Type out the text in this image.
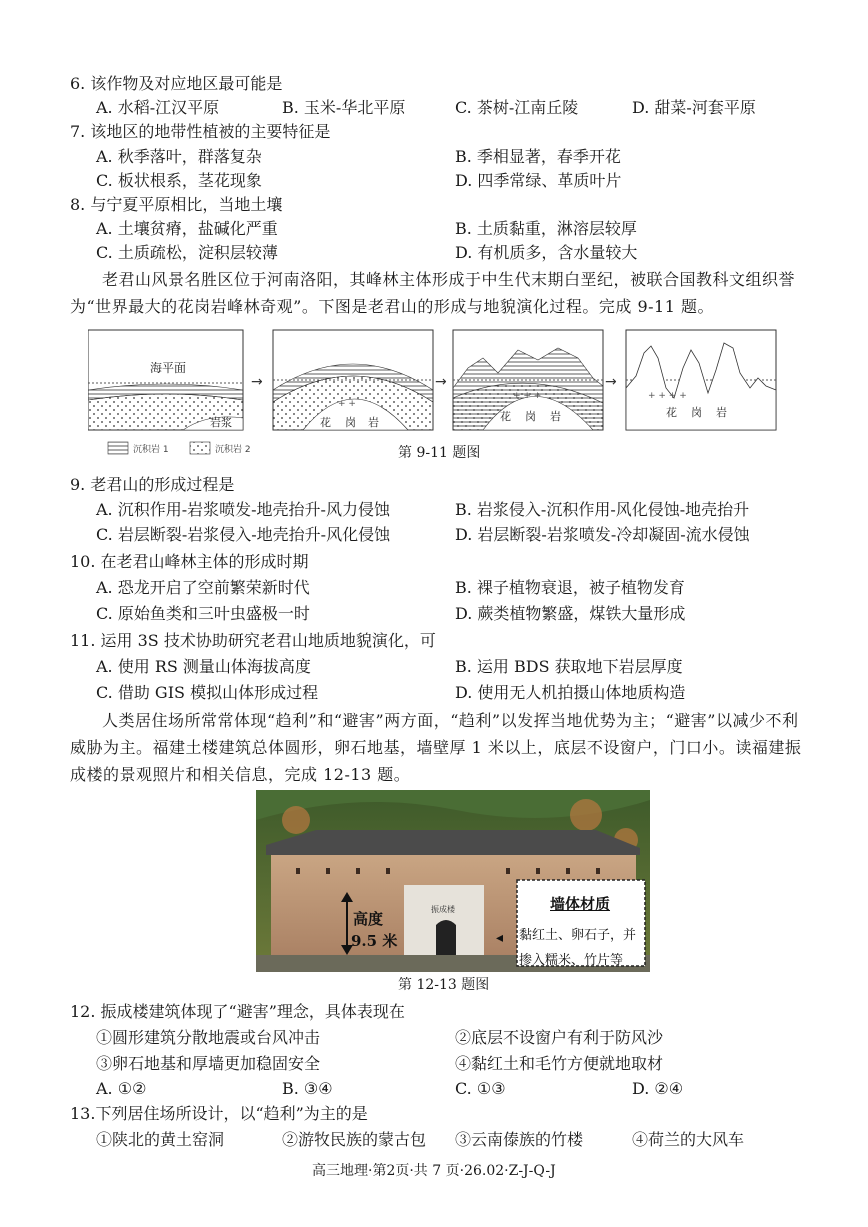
6. 该作物及对应地区最可能是
A. 水稻-江汉平原	B. 玉米-华北平原	C. 茶树-江南丘陵	D. 甜菜-河套平原
7. 该地区的地带性植被的主要特征是
A. 秋季落叶，群落复杂	B. 季相显著，春季开花
C. 板状根系，茎花现象	D. 四季常绿、革质叶片
8. 与宁夏平原相比，当地土壤
A. 土壤贫瘠，盐碱化严重	B. 土质黏重，淋溶层较厚
C. 土质疏松，淀积层较薄	D. 有机质多，含水量较大
老君山风景名胜区位于河南洛阳，其峰林主体形成于中生代末期白垩纪，被联合国教科文组织誉为“世界最大的花岗岩峰林奇观”。下图是老君山的形成与地貌演化过程。完成 9-11 题。
海平面
岩浆
→
+ +
花 岗 岩
→
+ + +
花 岗 岩
→
+ + + +
花 岗 岩
沉积岩 1	沉积岩 2	第 9-11 题图
9. 老君山的形成过程是
A. 沉积作用-岩浆喷发-地壳抬升-风力侵蚀	B. 岩浆侵入-沉积作用-风化侵蚀-地壳抬升
C. 岩层断裂-岩浆侵入-地壳抬升-风化侵蚀	D. 岩层断裂-岩浆喷发-冷却凝固-流水侵蚀
10. 在老君山峰林主体的形成时期
A. 恐龙开启了空前繁荣新时代	B. 裸子植物衰退，被子植物发育
C. 原始鱼类和三叶虫盛极一时	D. 蕨类植物繁盛，煤铁大量形成
11. 运用 3S 技术协助研究老君山地质地貌演化，可
A. 使用 RS 测量山体海拔高度	B. 运用 BDS 获取地下岩层厚度
C. 借助 GIS 模拟山体形成过程	D. 使用无人机拍摄山体地质构造
人类居住场所常常体现“趋利”和“避害”两方面，“趋利”以发挥当地优势为主；“避害”以减少不利威胁为主。福建土楼建筑总体圆形，卵石地基，墙壁厚 1 米以上，底层不设窗户，门口小。读福建振成楼的景观照片和相关信息，完成 12-13 题。
◂
高度
9.5 米
振成楼	墙体材质
黏红土、卵石子，并
掺入糯米、竹片等
第 12-13 题图
12. 振成楼建筑体现了“避害”理念，具体表现在
①圆形建筑分散地震或台风冲击	②底层不设窗户有利于防风沙
③卵石地基和厚墙更加稳固安全	④黏红土和毛竹方便就地取材
A. ①②	B. ③④	C. ①③	D. ②④
13.下列居住场所设计，以“趋利”为主的是
①陕北的黄土窑洞	②游牧民族的蒙古包 ③云南傣族的竹楼	④荷兰的大风车
高三地理·第2页·共 7 页·26.02·Z-J-Q-J
